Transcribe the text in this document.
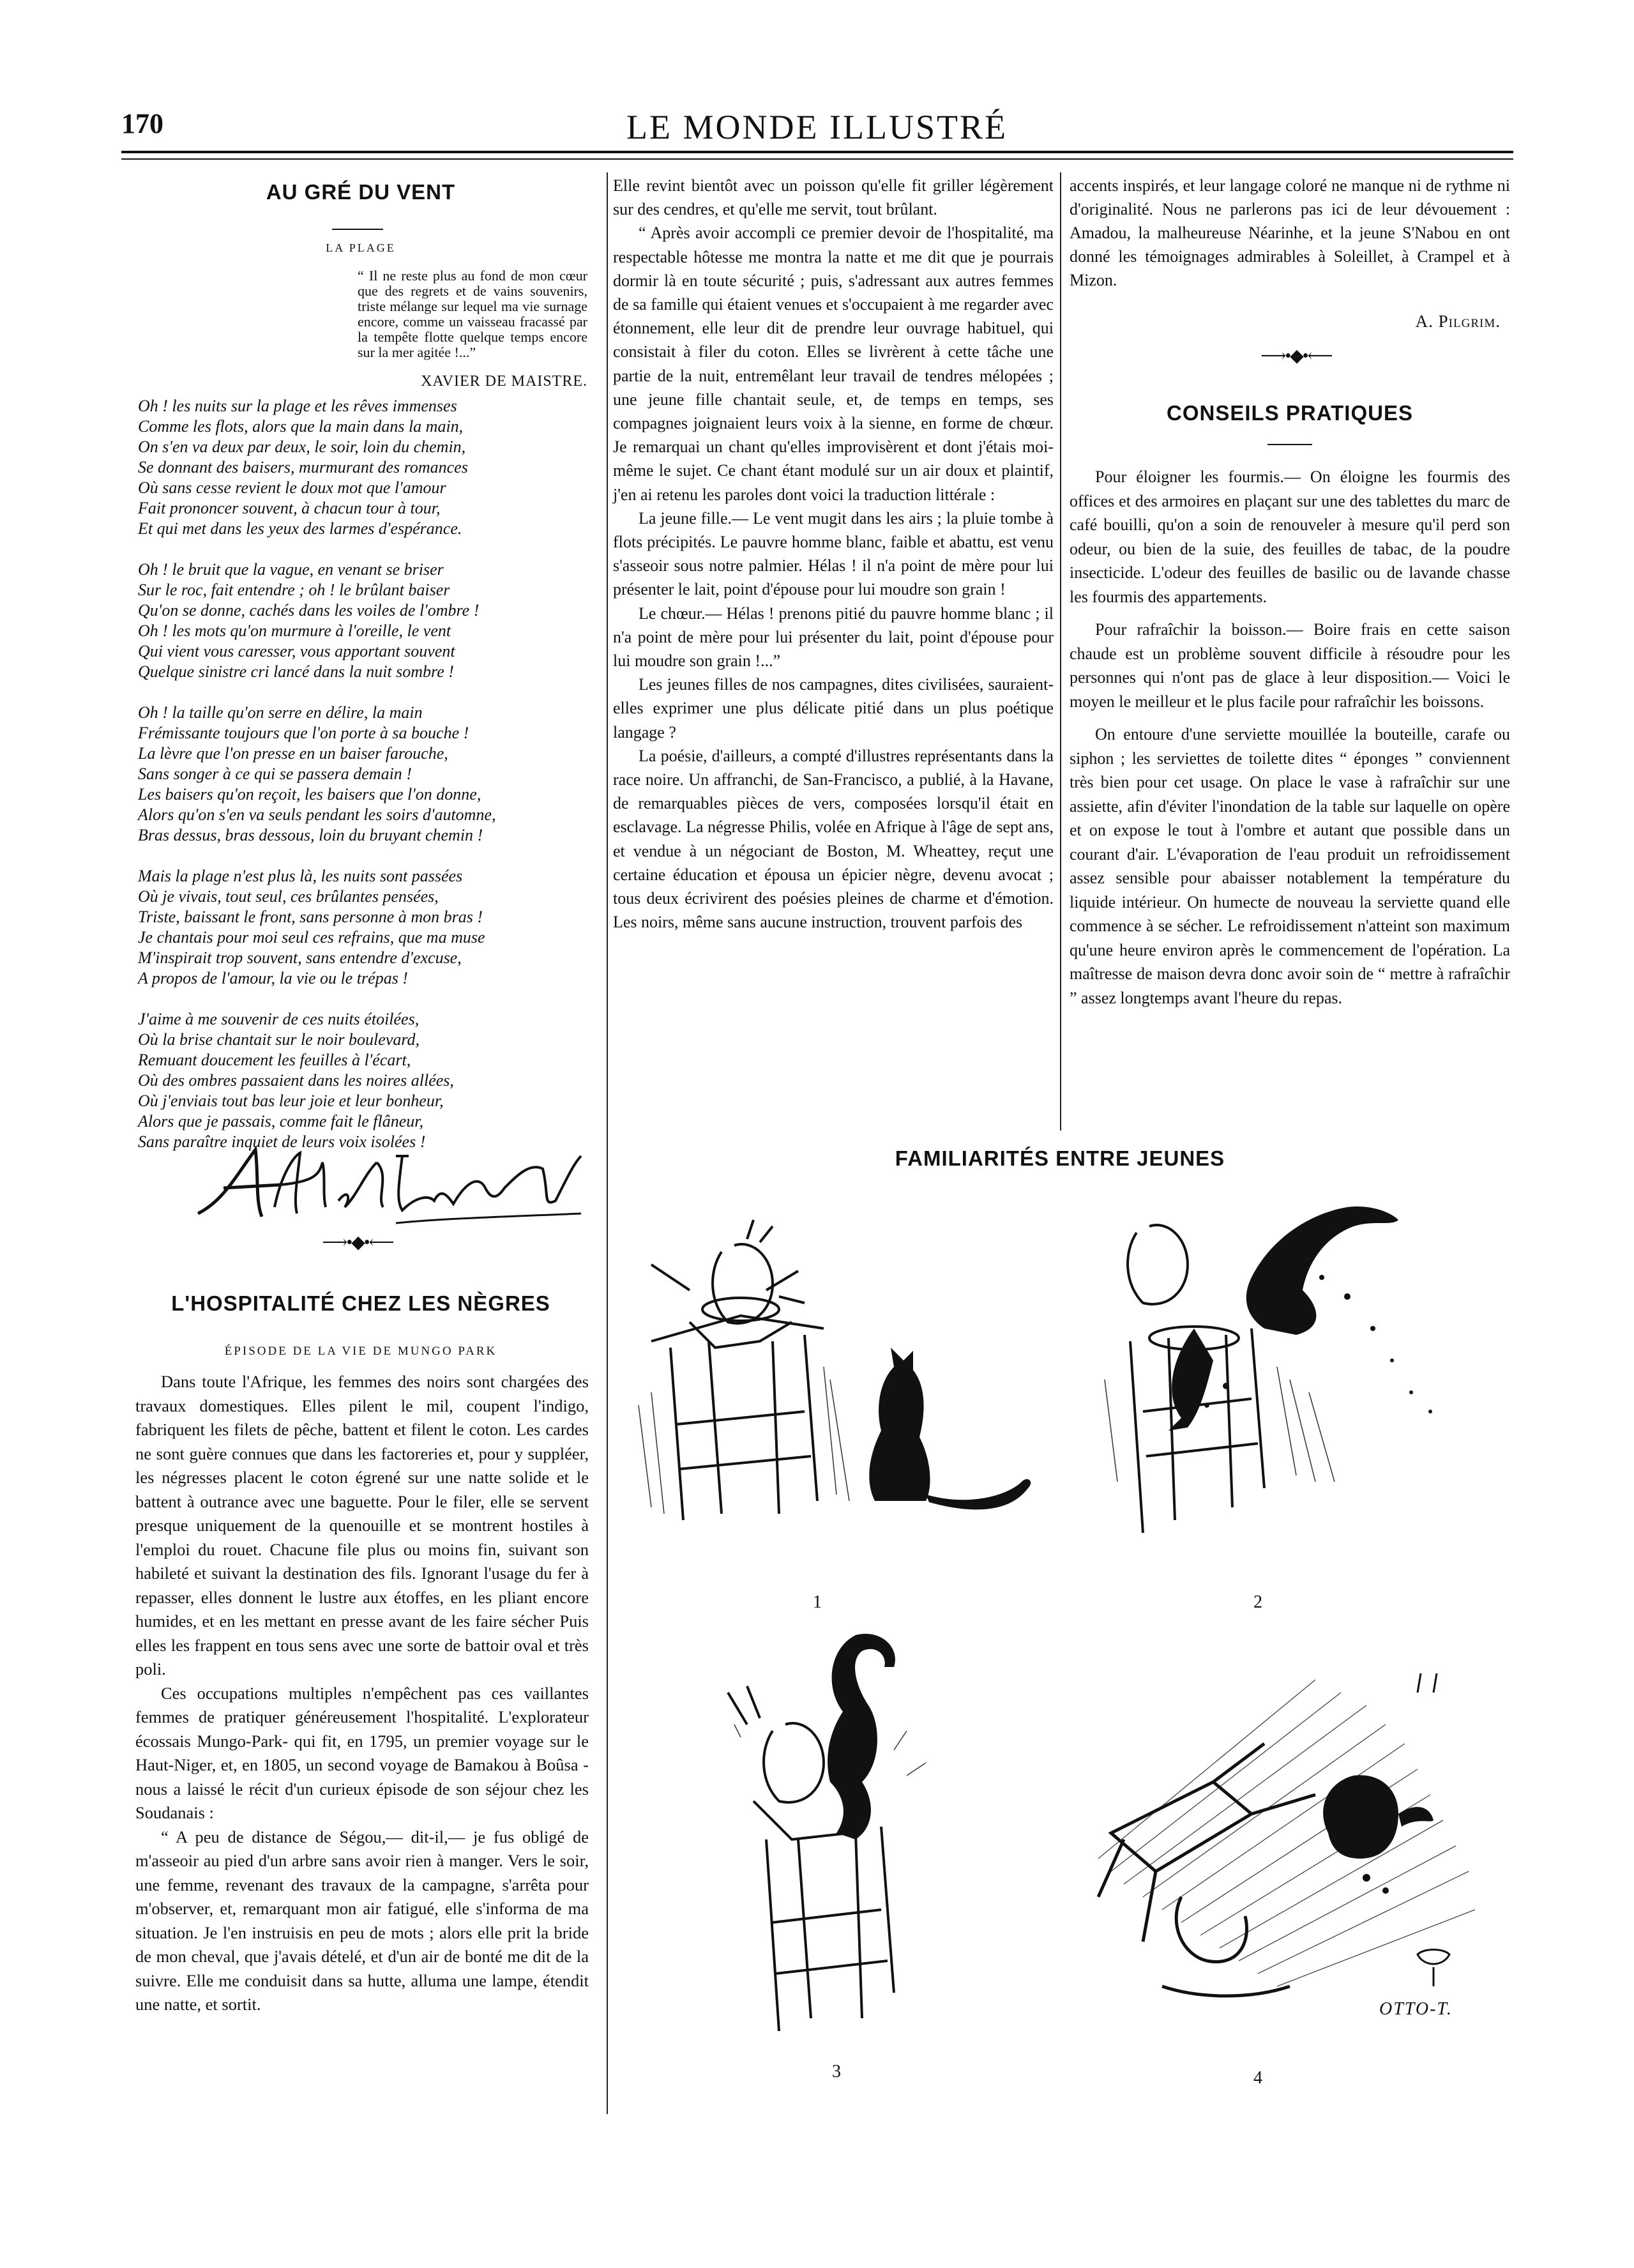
170	LE MONDE ILLUSTRÉ
AU GRÉ DU VENT
LA PLAGE
“ Il ne reste plus au fond de mon cœur que des regrets et de vains souvenirs, triste mélange sur lequel ma vie surnage encore, comme un vaisseau fracassé par la tempête flotte quelque temps encore sur la mer agitée !...”
XAVIER DE MAISTRE.
Oh ! les nuits sur la plage et les rêves immenses
Comme les flots, alors que la main dans la main,
On s'en va deux par deux, le soir, loin du chemin,
Se donnant des baisers, murmurant des romances
Où sans cesse revient le doux mot que l'amour
Fait prononcer souvent, à chacun tour à tour,
Et qui met dans les yeux des larmes d'espérance.
Oh ! le bruit que la vague, en venant se briser
Sur le roc, fait entendre ; oh ! le brûlant baiser
Qu'on se donne, cachés dans les voiles de l'ombre !
Oh ! les mots qu'on murmure à l'oreille, le vent
Qui vient vous caresser, vous apportant souvent
Quelque sinistre cri lancé dans la nuit sombre !
Oh ! la taille qu'on serre en délire, la main
Frémissante toujours que l'on porte à sa bouche !
La lèvre que l'on presse en un baiser farouche,
Sans songer à ce qui se passera demain !
Les baisers qu'on reçoit, les baisers que l'on donne,
Alors qu'on s'en va seuls pendant les soirs d'automne,
Bras dessus, bras dessous, loin du bruyant chemin !
Mais la plage n'est plus là, les nuits sont passées
Où je vivais, tout seul, ces brûlantes pensées,
Triste, baissant le front, sans personne à mon bras !
Je chantais pour moi seul ces refrains, que ma muse
M'inspirait trop souvent, sans entendre d'excuse,
A propos de l'amour, la vie ou le trépas !
J'aime à me souvenir de ces nuits étoilées,
Où la brise chantait sur le noir boulevard,
Remuant doucement les feuilles à l'écart,
Où des ombres passaient dans les noires allées,
Où j'enviais tout bas leur joie et leur bonheur,
Alors que je passais, comme fait le flâneur,
Sans paraître inquiet de leurs voix isolées !
⟶•◆•⟵
L'HOSPITALITÉ CHEZ LES NÈGRES
ÉPISODE DE LA VIE DE MUNGO PARK

Dans toute l'Afrique, les femmes des noirs sont chargées des travaux domestiques. Elles pilent le mil, coupent l'indigo, fabriquent les filets de pêche, battent et filent le coton. Les cardes ne sont guère connues que dans les factoreries et, pour y suppléer, les négresses placent le coton égrené sur une natte solide et le battent à outrance avec une baguette. Pour le filer, elle se servent presque uniquement de la quenouille et se montrent hostiles à l'emploi du rouet. Chacune file plus ou moins fin, suivant son habileté et suivant la destination des fils. Ignorant l'usage du fer à repasser, elles donnent le lustre aux étoffes, en les pliant encore humides, et en les mettant en presse avant de les faire sécher Puis elles les frappent en tous sens avec une sorte de battoir oval et très poli.

Ces occupations multiples n'empêchent pas ces vaillantes femmes de pratiquer généreusement l'hospitalité. L'explorateur écossais Mungo-Park- qui fit, en 1795, un premier voyage sur le Haut-Niger, et, en 1805, un second voyage de Bamakou à Boûsa - nous a laissé le récit d'un curieux épisode de son séjour chez les Soudanais :

“ A peu de distance de Ségou,— dit-il,— je fus obligé de m'asseoir au pied d'un arbre sans avoir rien à manger. Vers le soir, une femme, revenant des travaux de la campagne, s'arrêta pour m'observer, et, remarquant mon air fatigué, elle s'informa de ma situation. Je l'en instruisis en peu de mots ; alors elle prit la bride de mon cheval, que j'avais dételé, et d'un air de bonté me dit de la suivre. Elle me conduisit dans sa hutte, alluma une lampe, étendit une natte, et sortit.

Elle revint bientôt avec un poisson qu'elle fit griller légèrement sur des cendres, et qu'elle me servit, tout brûlant.

“ Après avoir accompli ce premier devoir de l'hospitalité, ma respectable hôtesse me montra la natte et me dit que je pourrais dormir là en toute sécurité ; puis, s'adressant aux autres femmes de sa famille qui étaient venues et s'occupaient à me regarder avec étonnement, elle leur dit de prendre leur ouvrage habituel, qui consistait à filer du coton. Elles se livrèrent à cette tâche une partie de la nuit, entremêlant leur travail de tendres mélopées ; une jeune fille chantait seule, et, de temps en temps, ses compagnes joignaient leurs voix à la sienne, en forme de chœur. Je remarquai un chant qu'elles improvisèrent et dont j'étais moi-même le sujet. Ce chant étant modulé sur un air doux et plaintif, j'en ai retenu les paroles dont voici la traduction littérale :

La jeune fille.— Le vent mugit dans les airs ; la pluie tombe à flots précipités. Le pauvre homme blanc, faible et abattu, est venu s'asseoir sous notre palmier. Hélas ! il n'a point de mère pour lui présenter le lait, point d'épouse pour lui moudre son grain !

Le chœur.— Hélas ! prenons pitié du pauvre homme blanc ; il n'a point de mère pour lui présenter du lait, point d'épouse pour lui moudre son grain !...”

Les jeunes filles de nos campagnes, dites civilisées, sauraient-elles exprimer une plus délicate pitié dans un plus poétique langage ?

La poésie, d'ailleurs, a compté d'illustres représentants dans la race noire. Un affranchi, de San-Francisco, a publié, à la Havane, de remarquables pièces de vers, composées lorsqu'il était en esclavage. La négresse Philis, volée en Afrique à l'âge de sept ans, et vendue à un négociant de Boston, M. Wheattey, reçut une certaine éducation et épousa un épicier nègre, devenu avocat ; tous deux écrivirent des poésies pleines de charme et d'émotion. Les noirs, même sans aucune instruction, trouvent parfois des

accents inspirés, et leur langage coloré ne manque ni de rythme ni d'originalité. Nous ne parlerons pas ici de leur dévouement : Amadou, la malheureuse Néarinhe, et la jeune S'Nabou en ont donné les témoignages admirables à Soleillet, à Crampel et à Mizon.

A. Pilgrim.
⟶•◆•⟵
CONSEILS PRATIQUES

Pour éloigner les fourmis.— On éloigne les fourmis des offices et des armoires en plaçant sur une des tablettes du marc de café bouilli, qu'on a soin de renouveler à mesure qu'il perd son odeur, ou bien de la suie, des feuilles de tabac, de la poudre insecticide. L'odeur des feuilles de basilic ou de lavande chasse les fourmis des appartements.

Pour rafraîchir la boisson.— Boire frais en cette saison chaude est un problème souvent difficile à résoudre pour les personnes qui n'ont pas de glace à leur disposition.— Voici le moyen le meilleur et le plus facile pour rafraîchir les boissons.

On entoure d'une serviette mouillée la bouteille, carafe ou siphon ; les serviettes de toilette dites “ éponges ” conviennent très bien pour cet usage. On place le vase à rafraîchir sur une assiette, afin d'éviter l'inondation de la table sur laquelle on opère et on expose le tout à l'ombre et autant que possible dans un courant d'air. L'évaporation de l'eau produit un refroidissement assez sensible pour abaisser notablement la température du liquide intérieur. On humecte de nouveau la serviette quand elle commence à se sécher. Le refroidissement n'atteint son maximum qu'une heure environ après le commencement de l'opération. La maîtresse de maison devra donc avoir soin de “ mettre à rafraîchir ” assez longtemps avant l'heure du repas.

FAMILIARITÉS ENTRE JEUNES
1	2
3	4
OTTO-T.
